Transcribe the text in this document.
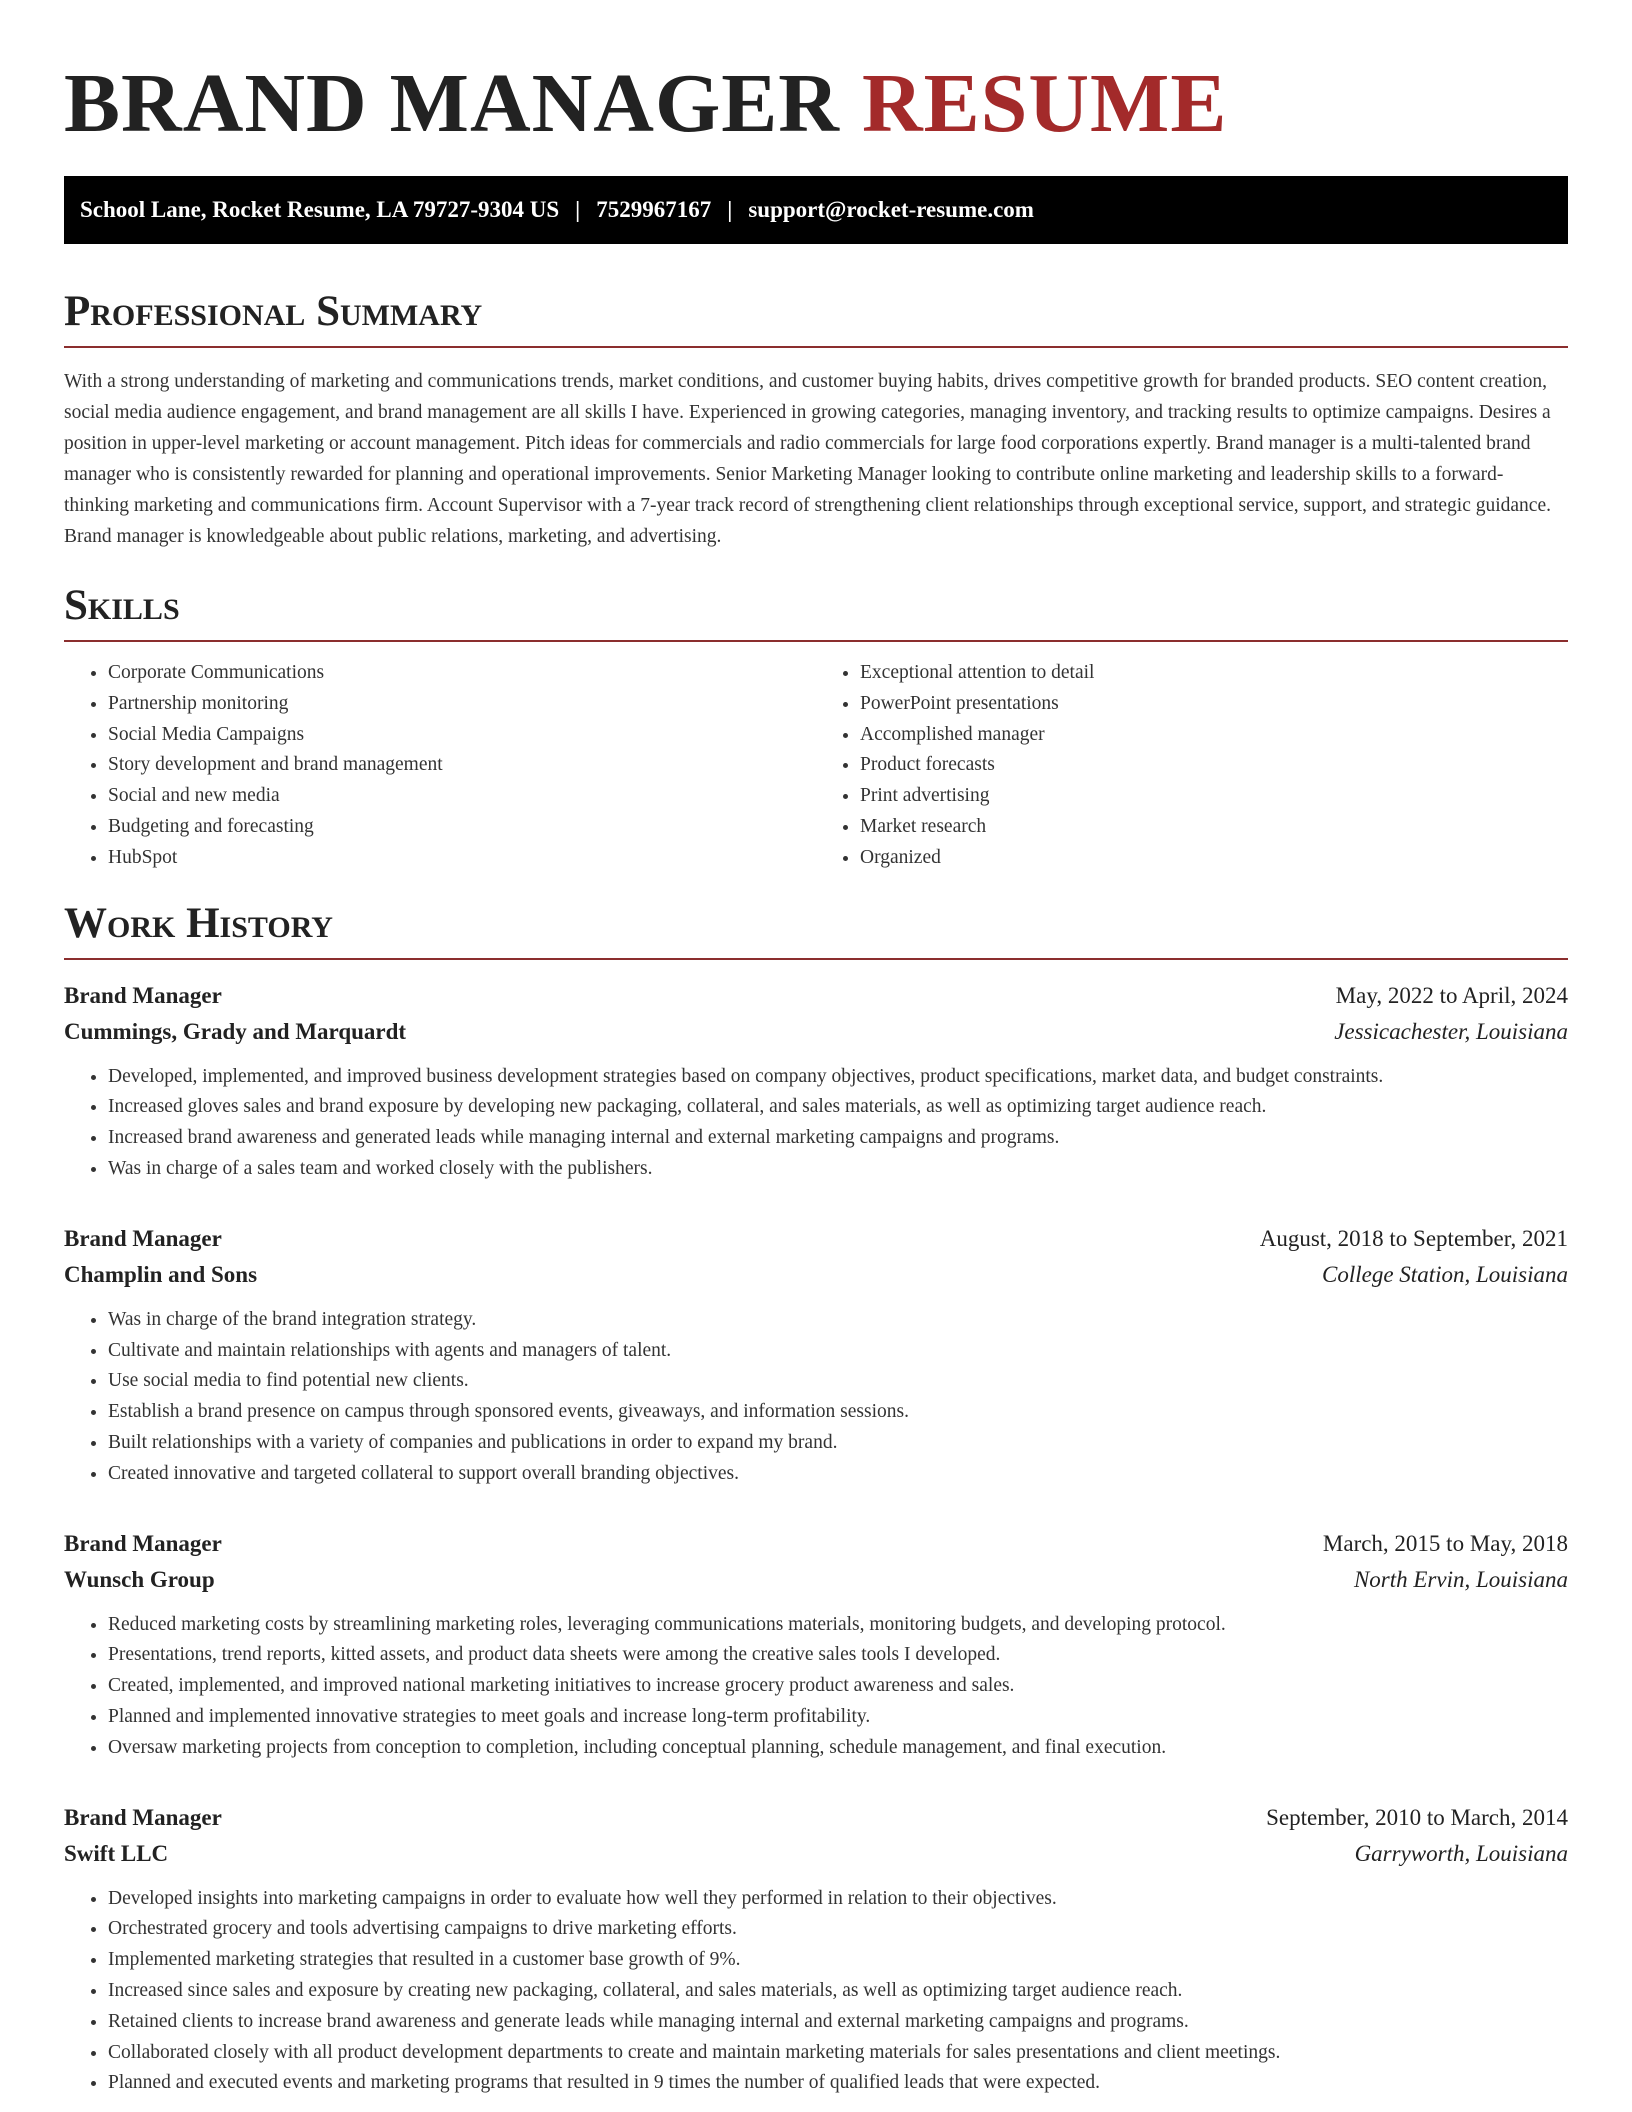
BRAND MANAGER RESUME
School Lane, Rocket Resume, LA 79727-9304 US | 7529967167 | support@rocket-resume.com
Professional Summary

With a strong understanding of marketing and communications trends, market conditions, and customer buying habits, drives competitive growth for branded products. SEO content creation, social media audience engagement, and brand management are all skills I have. Experienced in growing categories, managing inventory, and tracking results to optimize campaigns. Desires a position in upper-level marketing or account management. Pitch ideas for commercials and radio commercials for large food corporations expertly. Brand manager is a multi-talented brand manager who is consistently rewarded for planning and operational improvements. Senior Marketing Manager looking to contribute online marketing and leadership skills to a forward-thinking marketing and communications firm. Account Supervisor with a 7-year track record of strengthening client relationships through exceptional service, support, and strategic guidance. Brand manager is knowledgeable about public relations, marketing, and advertising.

Skills
• Corporate Communications
• Partnership monitoring
• Social Media Campaigns
• Story development and brand management
• Social and new media
• Budgeting and forecasting
• HubSpot
• Exceptional attention to detail
• PowerPoint presentations
• Accomplished manager
• Product forecasts
• Print advertising
• Market research
• Organized
Work History
Brand Manager	May, 2022 to April, 2024
Cummings, Grady and Marquardt	Jessicachester, Louisiana
• Developed, implemented, and improved business development strategies based on company objectives, product specifications, market data, and budget constraints.
• Increased gloves sales and brand exposure by developing new packaging, collateral, and sales materials, as well as optimizing target audience reach.
• Increased brand awareness and generated leads while managing internal and external marketing campaigns and programs.
• Was in charge of a sales team and worked closely with the publishers.
Brand Manager	August, 2018 to September, 2021
Champlin and Sons	College Station, Louisiana
• Was in charge of the brand integration strategy.
• Cultivate and maintain relationships with agents and managers of talent.
• Use social media to find potential new clients.
• Establish a brand presence on campus through sponsored events, giveaways, and information sessions.
• Built relationships with a variety of companies and publications in order to expand my brand.
• Created innovative and targeted collateral to support overall branding objectives.
Brand Manager	March, 2015 to May, 2018
Wunsch Group	North Ervin, Louisiana
• Reduced marketing costs by streamlining marketing roles, leveraging communications materials, monitoring budgets, and developing protocol.
• Presentations, trend reports, kitted assets, and product data sheets were among the creative sales tools I developed.
• Created, implemented, and improved national marketing initiatives to increase grocery product awareness and sales.
• Planned and implemented innovative strategies to meet goals and increase long-term profitability.
• Oversaw marketing projects from conception to completion, including conceptual planning, schedule management, and final execution.
Brand Manager	September, 2010 to March, 2014
Swift LLC	Garryworth, Louisiana
• Developed insights into marketing campaigns in order to evaluate how well they performed in relation to their objectives.
• Orchestrated grocery and tools advertising campaigns to drive marketing efforts.
• Implemented marketing strategies that resulted in a customer base growth of 9%.
• Increased since sales and exposure by creating new packaging, collateral, and sales materials, as well as optimizing target audience reach.
• Retained clients to increase brand awareness and generate leads while managing internal and external marketing campaigns and programs.
• Collaborated closely with all product development departments to create and maintain marketing materials for sales presentations and client meetings.
• Planned and executed events and marketing programs that resulted in 9 times the number of qualified leads that were expected.
